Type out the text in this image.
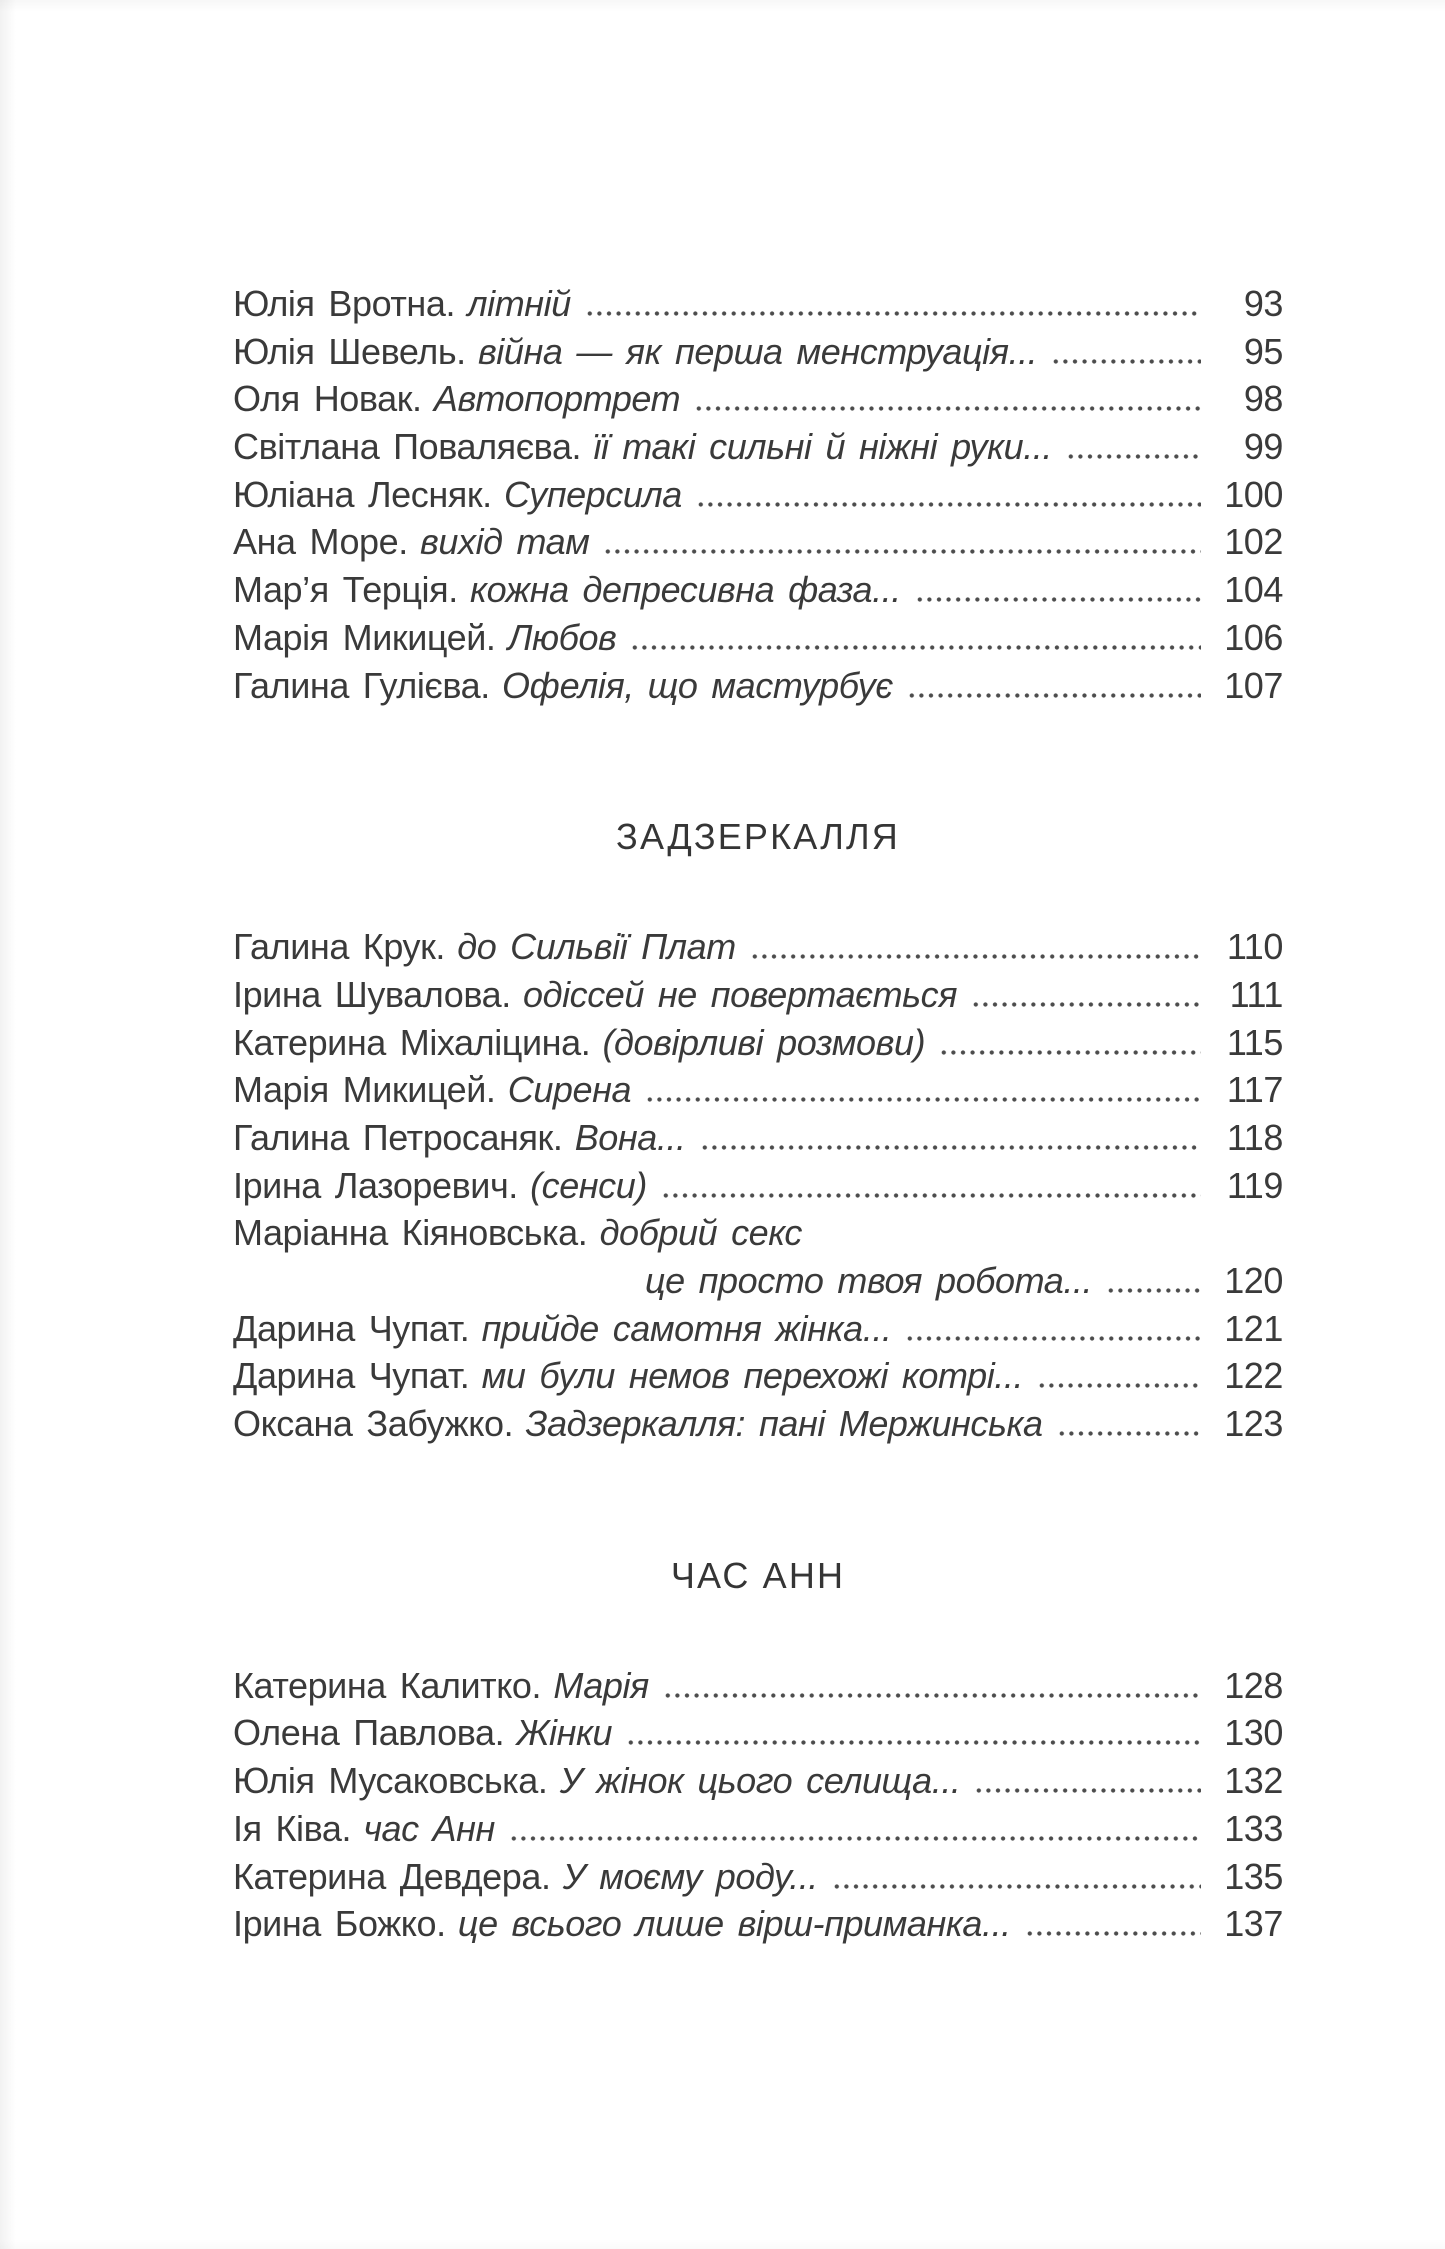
Юлія Вротна. літній	93
Юлія Шевель. війна — як перша менструація...	95
Оля Новак. Автопортрет	98
Світлана Поваляєва. її такі сильні й ніжні руки...	99
Юліана Лесняк. Суперсила	100
Ана Море. вихід там	102
Мар’я Терція. кожна депресивна фаза...	104
Марія Микицей. Любов	106
Галина Гулієва. Офелія, що мастурбує	107
ЗАДЗЕРКАЛЛЯ
Галина Крук. до Сильвії Плат	110
Ірина Шувалова. одіссей не повертається	111
Катерина Міхаліцина. (довірливі розмови)	115
Марія Микицей. Сирена	117
Галина Петросаняк. Вона...	118
Ірина Лазоревич. (сенси)	119
Маріанна Кіяновська. добрий секс
це просто твоя робота...	120
Дарина Чупат. прийде самотня жінка...	121
Дарина Чупат. ми були немов перехожі котрі...	122
Оксана Забужко. Задзеркалля: пані Мержинська	123
ЧАС АНН
Катерина Калитко. Марія	128
Олена Павлова. Жінки	130
Юлія Мусаковська. У жінок цього селища...	132
Ія Ківа. час Анн	133
Катерина Девдера. У моєму роду...	135
Ірина Божко. це всього лише вірш-приманка...	137
